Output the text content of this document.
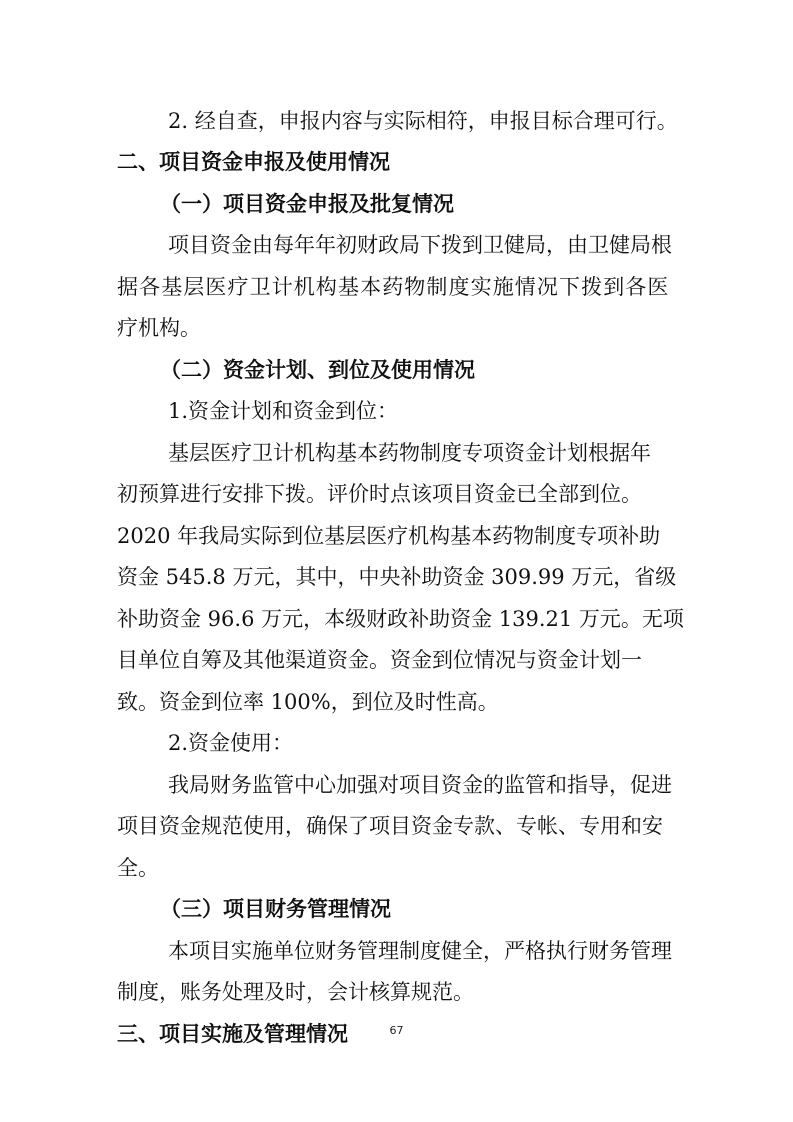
2. 经自查，申报内容与实际相符，申报目标合理可行。
二、项目资金申报及使用情况
（一）项目资金申报及批复情况
项目资金由每年年初财政局下拨到卫健局，由卫健局根
据各基层医疗卫计机构基本药物制度实施情况下拨到各医
疗机构。
（二）资金计划、到位及使用情况
1.资金计划和资金到位：
基层医疗卫计机构基本药物制度专项资金计划根据年
初预算进行安排下拨。评价时点该项目资金已全部到位。
2020 年我局实际到位基层医疗机构基本药物制度专项补助
资金 545.8 万元，其中，中央补助资金 309.99 万元，省级
补助资金 96.6 万元，本级财政补助资金 139.21 万元。无项
目单位自筹及其他渠道资金。资金到位情况与资金计划一
致。资金到位率 100%，到位及时性高。
2.资金使用：
我局财务监管中心加强对项目资金的监管和指导，促进
项目资金规范使用，确保了项目资金专款、专帐、专用和安
全。
（三）项目财务管理情况
本项目实施单位财务管理制度健全，严格执行财务管理
制度，账务处理及时，会计核算规范。
三、项目实施及管理情况	67
